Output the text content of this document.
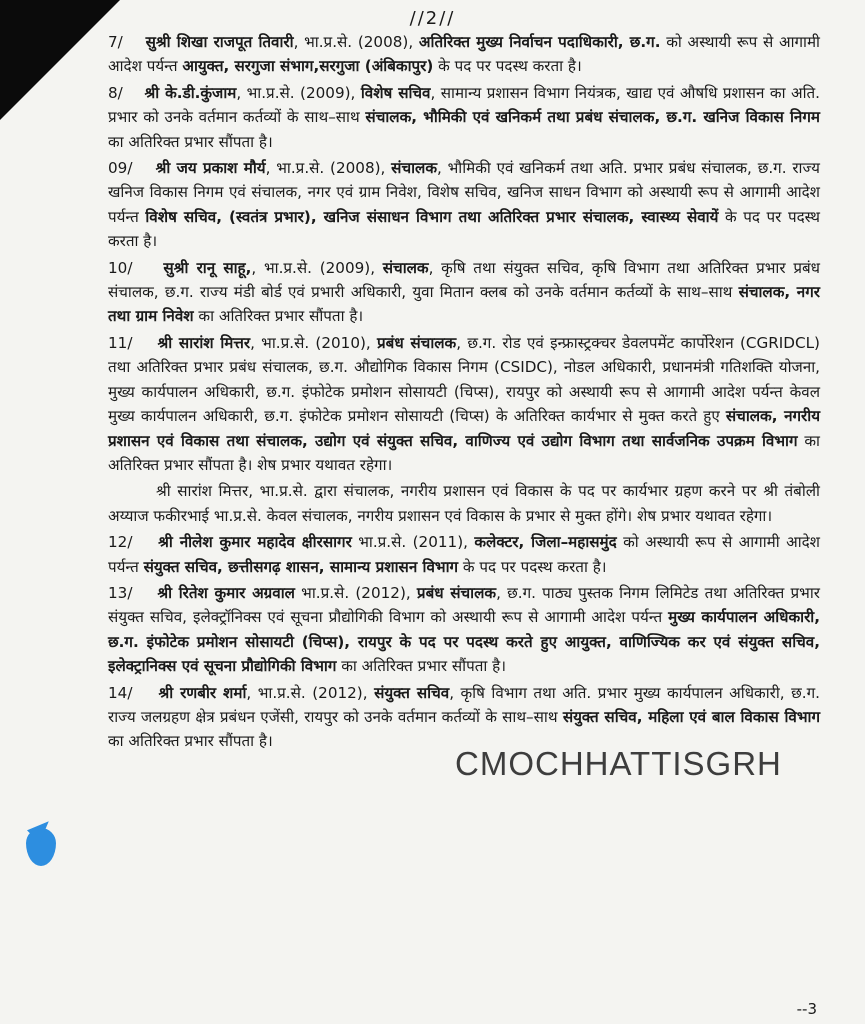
//2//

7/    सुश्री शिखा राजपूत तिवारी, भा.प्र.से. (2008), अतिरिक्त मुख्य निर्वाचन पदाधिकारी, छ.ग. को अस्थायी रूप से आगामी आदेश पर्यन्त आयुक्त, सरगुजा संभाग,सरगुजा (अंबिकापुर) के पद पर पदस्थ करता है।

8/    श्री के.डी.कुंजाम, भा.प्र.से. (2009), विशेष सचिव, सामान्य प्रशासन विभाग नियंत्रक, खाद्य एवं औषधि प्रशासन का अति. प्रभार को उनके वर्तमान कर्तव्यों के साथ–साथ संचालक, भौमिकी एवं खनिकर्म तथा प्रबंध संचालक, छ.ग. खनिज विकास निगम का अतिरिक्त प्रभार सौंपता है।

09/    श्री जय प्रकाश मौर्य, भा.प्र.से. (2008), संचालक, भौमिकी एवं खनिकर्म तथा अति. प्रभार प्रबंध संचालक, छ.ग. राज्य खनिज विकास निगम एवं संचालक, नगर एवं ग्राम निवेश, विशेष सचिव, खनिज साधन विभाग को अस्थायी रूप से आगामी आदेश पर्यन्त विशेष सचिव, (स्वतंत्र प्रभार), खनिज संसाधन विभाग तथा अतिरिक्त प्रभार संचालक, स्वास्थ्य सेवायें के पद पर पदस्थ करता है।

10/    सुश्री रानू साहू,, भा.प्र.से. (2009), संचालक, कृषि तथा संयुक्त सचिव, कृषि विभाग तथा अतिरिक्त प्रभार प्रबंध संचालक, छ.ग. राज्य मंडी बोर्ड एवं प्रभारी अधिकारी, युवा मितान क्लब को उनके वर्तमान कर्तव्यों के साथ–साथ संचालक, नगर तथा ग्राम निवेश का अतिरिक्त प्रभार सौंपता है।

11/    श्री सारांश मित्तर, भा.प्र.से. (2010), प्रबंध संचालक, छ.ग. रोड एवं इन्फ्रास्ट्रक्चर डेवलपमेंट कार्पोरेशन (CGRIDCL) तथा अतिरिक्त प्रभार प्रबंध संचालक, छ.ग. औद्योगिक विकास निगम (CSIDC), नोडल अधिकारी, प्रधानमंत्री गतिशक्ति योजना, मुख्य कार्यपालन अधिकारी, छ.ग. इंफोटेक प्रमोशन सोसायटी (चिप्स), रायपुर को अस्थायी रूप से आगामी आदेश पर्यन्त केवल मुख्य कार्यपालन अधिकारी, छ.ग. इंफोटेक प्रमोशन सोसायटी (चिप्स) के अतिरिक्त कार्यभार से मुक्त करते हुए संचालक, नगरीय प्रशासन एवं विकास तथा संचालक, उद्योग एवं संयुक्त सचिव, वाणिज्य एवं उद्योग विभाग तथा सार्वजनिक उपक्रम विभाग का अतिरिक्त प्रभार सौंपता है। शेष प्रभार यथावत रहेगा।

श्री सारांश मित्तर, भा.प्र.से. द्वारा संचालक, नगरीय प्रशासन एवं विकास के पद पर कार्यभार ग्रहण करने पर श्री तंबोली अय्याज फकीरभाई भा.प्र.से. केवल संचालक, नगरीय प्रशासन एवं विकास के प्रभार से मुक्त होंगे। शेष प्रभार यथावत रहेगा।

12/    श्री नीलेश कुमार महादेव क्षीरसागर भा.प्र.से. (2011), कलेक्टर, जिला–महासमुंद को अस्थायी रूप से आगामी आदेश पर्यन्त संयुक्त सचिव, छत्तीसगढ़ शासन, सामान्य प्रशासन विभाग के पद पर पदस्थ करता है।

13/    श्री रितेश कुमार अग्रवाल भा.प्र.से. (2012), प्रबंध संचालक, छ.ग. पाठ्य पुस्तक निगम लिमिटेड तथा अतिरिक्त प्रभार संयुक्त सचिव, इलेक्ट्रॉनिक्स एवं सूचना प्रौद्योगिकी विभाग को अस्थायी रूप से आगामी आदेश पर्यन्त मुख्य कार्यपालन अधिकारी, छ.ग. इंफोटेक प्रमोशन सोसायटी (चिप्स), रायपुर के पद पर पदस्थ करते हुए आयुक्त, वाणिज्यिक कर एवं संयुक्त सचिव, इलेक्ट्रानिक्स एवं सूचना प्रौद्योगिकी विभाग का अतिरिक्त प्रभार सौंपता है।

14/    श्री रणबीर शर्मा, भा.प्र.से. (2012), संयुक्त सचिव, कृषि विभाग तथा अति. प्रभार मुख्य कार्यपालन अधिकारी, छ.ग. राज्य जलग्रहण क्षेत्र प्रबंधन एजेंसी, रायपुर को उनके वर्तमान कर्तव्यों के साथ–साथ संयुक्त सचिव, महिला एवं बाल विकास विभाग का अतिरिक्त प्रभार सौंपता है।

CMOCHHATTISGRH
--3
